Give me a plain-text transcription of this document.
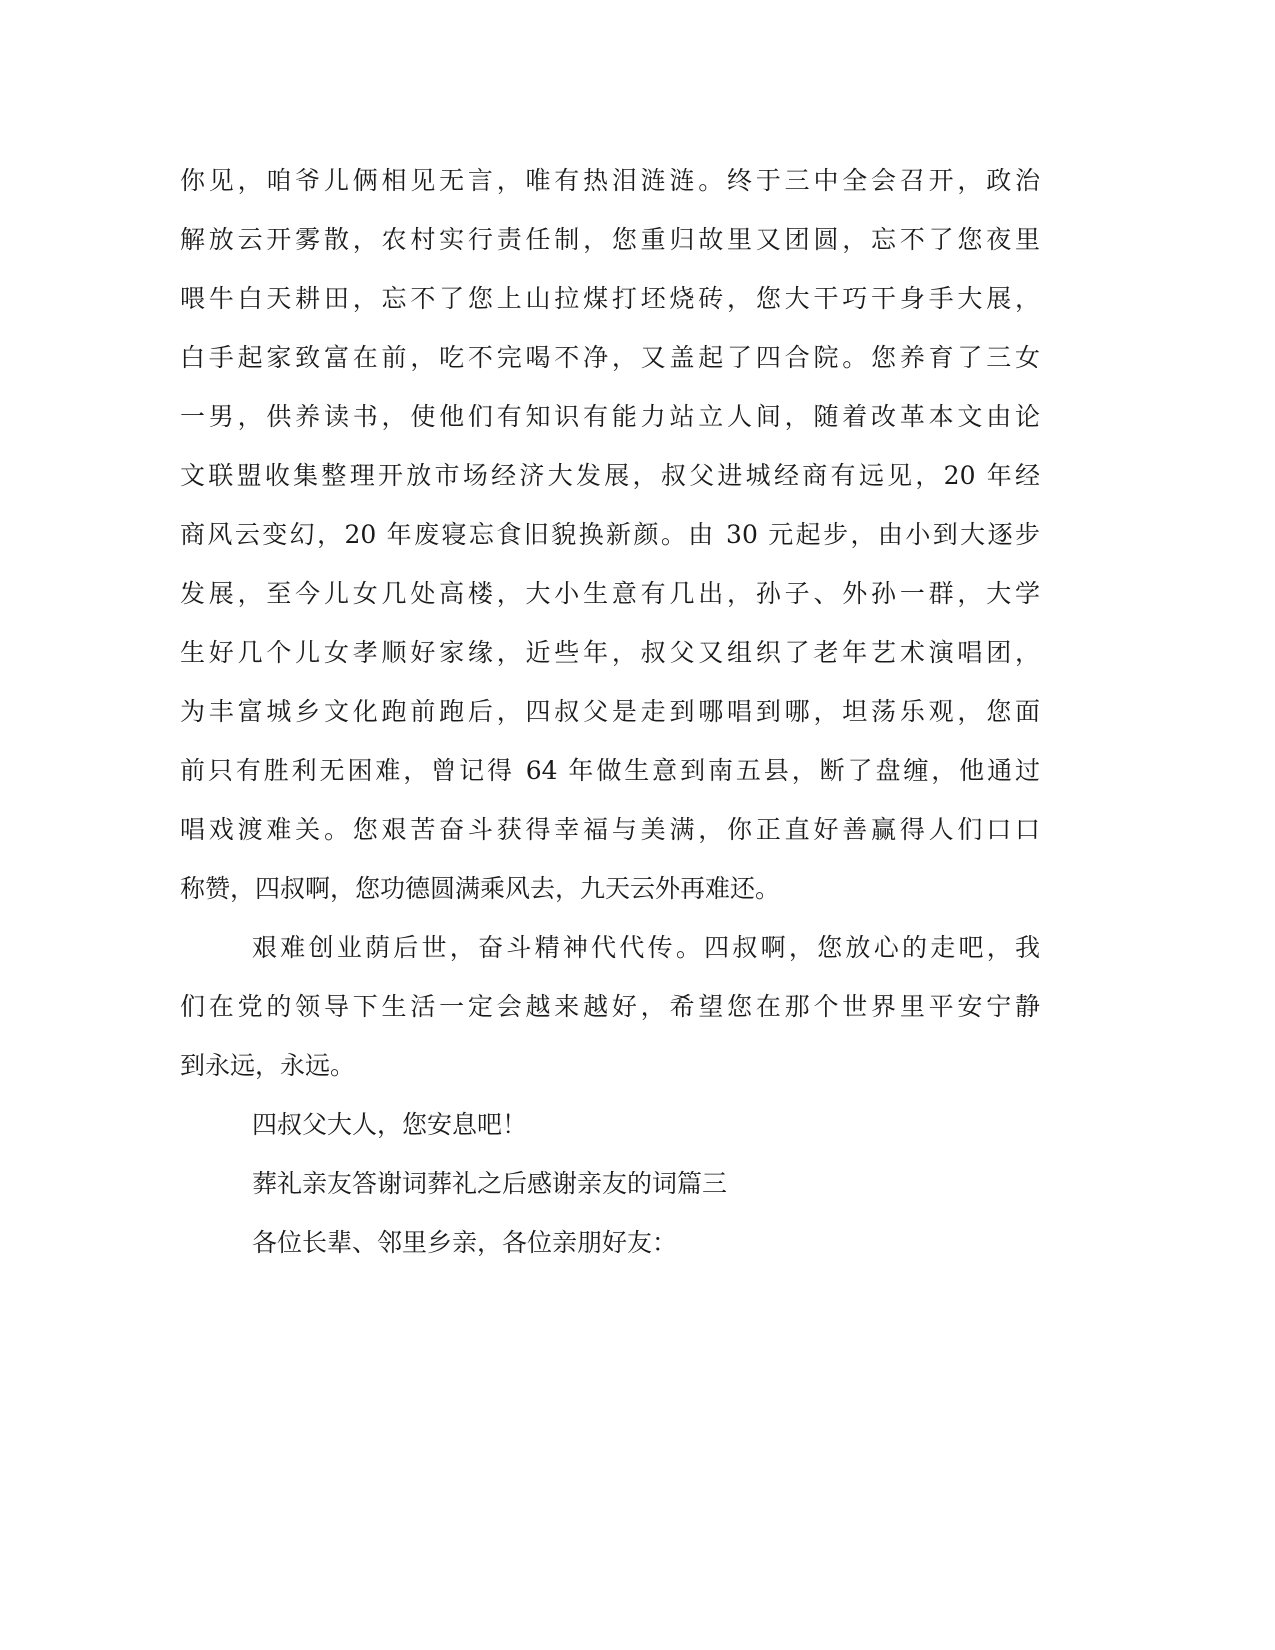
你见，咱爷儿俩相见无言，唯有热泪涟涟。终于三中全会召开，政治
解放云开雾散，农村实行责任制，您重归故里又团圆，忘不了您夜里
喂牛白天耕田，忘不了您上山拉煤打坯烧砖，您大干巧干身手大展，
白手起家致富在前，吃不完喝不净，又盖起了四合院。您养育了三女
一男，供养读书，使他们有知识有能力站立人间，随着改革本文由论
文联盟收集整理开放市场经济大发展，叔父进城经商有远见，20 年经
商风云变幻，20 年废寝忘食旧貌换新颜。由 30 元起步，由小到大逐步
发展，至今儿女几处高楼，大小生意有几出，孙子、外孙一群，大学
生好几个儿女孝顺好家缘，近些年，叔父又组织了老年艺术演唱团，
为丰富城乡文化跑前跑后，四叔父是走到哪唱到哪，坦荡乐观，您面
前只有胜利无困难，曾记得 64 年做生意到南五县，断了盘缠，他通过
唱戏渡难关。您艰苦奋斗获得幸福与美满，你正直好善赢得人们口口
称赞，四叔啊，您功德圆满乘风去，九天云外再难还。
艰难创业荫后世，奋斗精神代代传。四叔啊，您放心的走吧，我
们在党的领导下生活一定会越来越好，希望您在那个世界里平安宁静
到永远，永远。
四叔父大人，您安息吧！
葬礼亲友答谢词葬礼之后感谢亲友的词篇三
各位长辈、邻里乡亲，各位亲朋好友：
